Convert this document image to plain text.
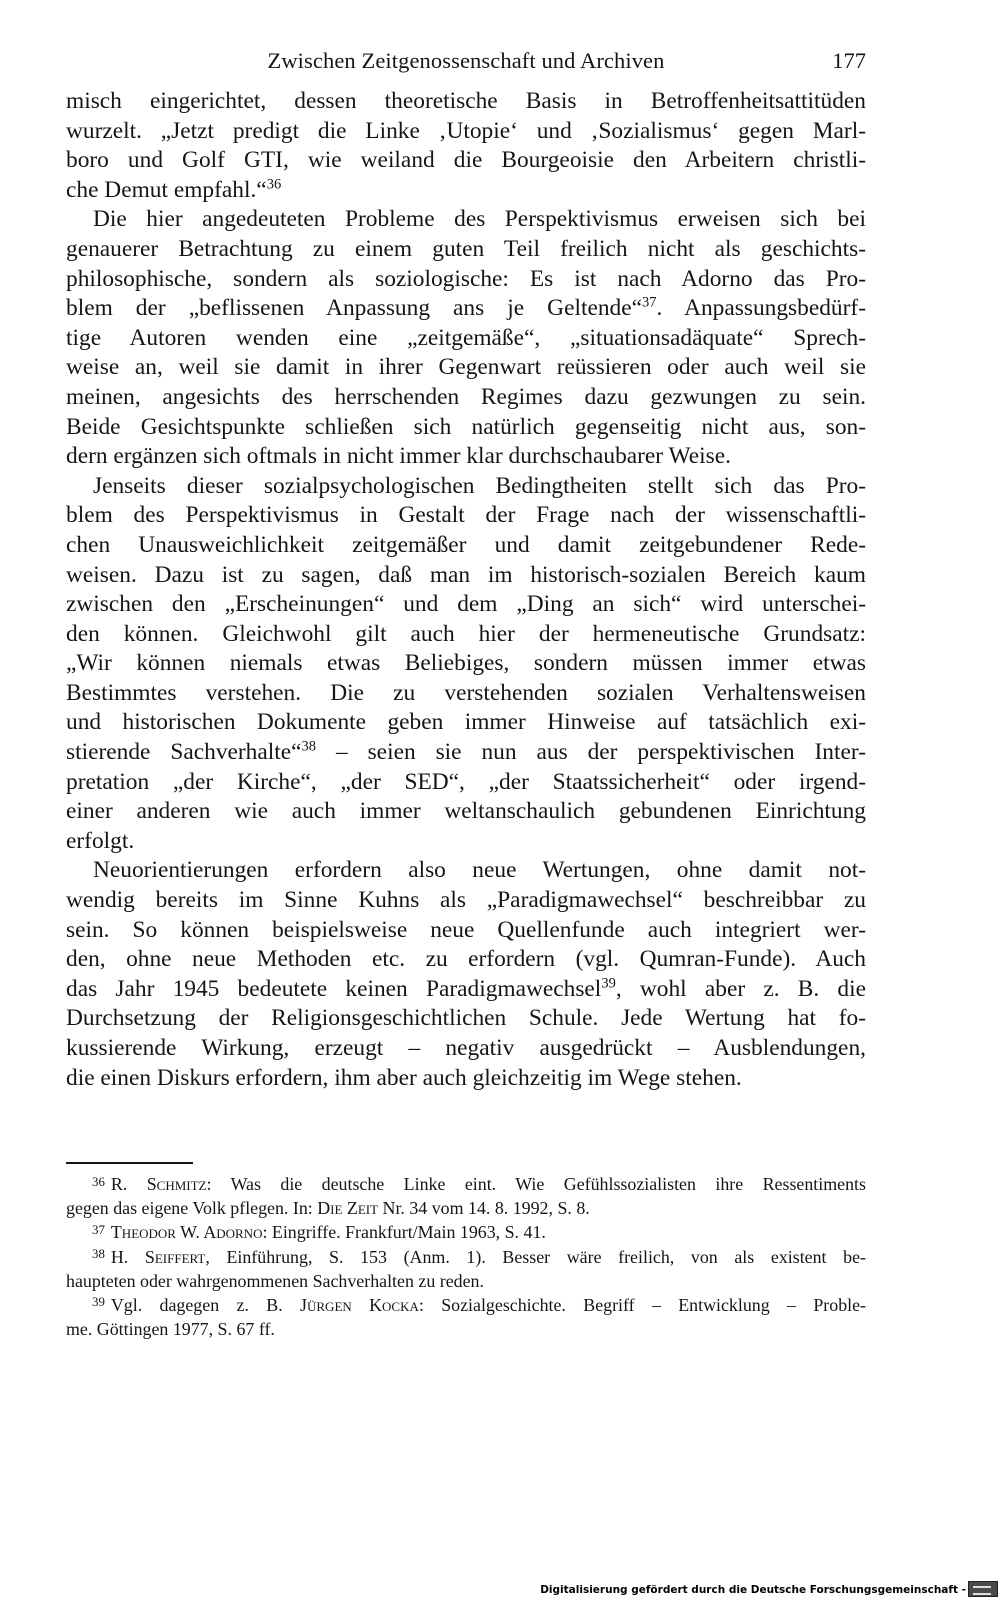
Zwischen Zeitgenossenschaft und Archiven	177
misch eingerichtet, dessen theoretische Basis in Betroffenheitsattitüden
wurzelt. „Jetzt predigt die Linke ‚Utopie‘ und ‚Sozialismus‘ gegen Marl-
boro und Golf GTI, wie weiland die Bourgeoisie den Arbeitern christli-
che Demut empfahl.“$^{36}$
Die hier angedeuteten Probleme des Perspektivismus erweisen sich bei
genauerer Betrachtung zu einem guten Teil freilich nicht als geschichts-
philosophische, sondern als soziologische: Es ist nach Adorno das Pro-
blem der „beflissenen Anpassung ans je Geltende“$^{37}$. Anpassungsbedürf-
tige Autoren wenden eine „zeitgemäße“, „situationsadäquate“ Sprech-
weise an, weil sie damit in ihrer Gegenwart reüssieren oder auch weil sie
meinen, angesichts des herrschenden Regimes dazu gezwungen zu sein.
Beide Gesichtspunkte schließen sich natürlich gegenseitig nicht aus, son-
dern ergänzen sich oftmals in nicht immer klar durchschaubarer Weise.
Jenseits dieser sozialpsychologischen Bedingtheiten stellt sich das Pro-
blem des Perspektivismus in Gestalt der Frage nach der wissenschaftli-
chen Unausweichlichkeit zeitgemäßer und damit zeitgebundener Rede-
weisen. Dazu ist zu sagen, daß man im historisch-sozialen Bereich kaum
zwischen den „Erscheinungen“ und dem „Ding an sich“ wird unterschei-
den können. Gleichwohl gilt auch hier der hermeneutische Grundsatz:
„Wir können niemals etwas Beliebiges, sondern müssen immer etwas
Bestimmtes verstehen. Die zu verstehenden sozialen Verhaltensweisen
und historischen Dokumente geben immer Hinweise auf tatsächlich exi-
stierende Sachverhalte“$^{38}$ – seien sie nun aus der perspektivischen Inter-
pretation „der Kirche“, „der SED“, „der Staatssicherheit“ oder irgend-
einer anderen wie auch immer weltanschaulich gebundenen Einrichtung
erfolgt.
Neuorientierungen erfordern also neue Wertungen, ohne damit not-
wendig bereits im Sinne Kuhns als „Paradigmawechsel“ beschreibbar zu
sein. So können beispielsweise neue Quellenfunde auch integriert wer-
den, ohne neue Methoden etc. zu erfordern (vgl. Qumran-Funde). Auch
das Jahr 1945 bedeutete keinen Paradigmawechsel$^{39}$, wohl aber z. B. die
Durchsetzung der Religionsgeschichtlichen Schule. Jede Wertung hat fo-
kussierende Wirkung, erzeugt – negativ ausgedrückt – Ausblendungen,
die einen Diskurs erfordern, ihm aber auch gleichzeitig im Wege stehen.
$^{36}$ R. Schmitz: Was die deutsche Linke eint. Wie Gefühlssozialisten ihre Ressentiments
gegen das eigene Volk pflegen. In: Die Zeit Nr. 34 vom 14. 8. 1992, S. 8.
$^{37}$ Theodor W. Adorno: Eingriffe. Frankfurt/Main 1963, S. 41.
$^{38}$ H. Seiffert, Einführung, S. 153 (Anm. 1). Besser wäre freilich, von als existent be-
haupteten oder wahrgenommenen Sachverhalten zu reden.
$^{39}$ Vgl. dagegen z. B. Jürgen Kocka: Sozialgeschichte. Begriff – Entwicklung – Proble-
me. Göttingen 1977, S. 67 ff.
Digitalisierung gefördert durch die Deutsche Forschungsgemeinschaft -
